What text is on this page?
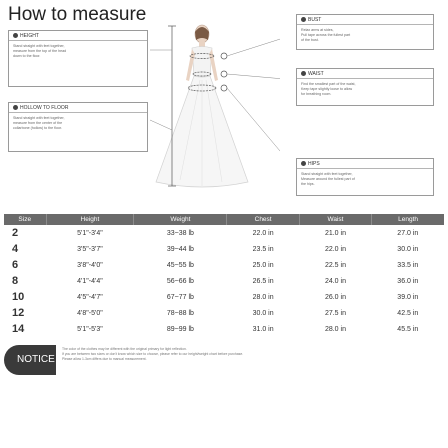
How to measure
HEIGHT
Stand straight with feet together,
measure from the top of the head
down to the floor.
HOLLOW TO FLOOR
Stand straight with feet together,
measure from the center of the
collarbone (hollow) to the floor.
BUST
Relax arms at sides,
Pull tape across the fullest part
of the bust.
WAIST
Find the smallest part of the waist,
Keep tape slightly loose to allow
for breathing room.
HIPS
Stand straight with feet together,
Measure around the fullest part of
the hips.
Size	Height	Weight	Chest	Waist	Length
2	5'1"-3'4"	33~38 lb	22.0 in	21.0 in	27.0 in
4	3'5"-3'7"	39~44 lb	23.5 in	22.0 in	30.0 in
6	3'8"-4'0"	45~55 lb	25.0 in	22.5 in	33.5 in
8	4'1"-4'4"	56~66 lb	26.5 in	24.0 in	36.0 in
10	4'5"-4'7"	67~77 lb	28.0 in	26.0 in	39.0 in
12	4'8"-5'0"	78~88 lb	30.0 in	27.5 in	42.5 in
14	5'1"-5'3"	89~99 lb	31.0 in	28.0 in	45.5 in
NOTICE
The color of the clothes may be different with the original primary for light reflection.
If you are between two sizes or don't know which size to choose, please refer to our height/weight chart before purchase.
Please allow 1-3cm differs due to manual measurement.
